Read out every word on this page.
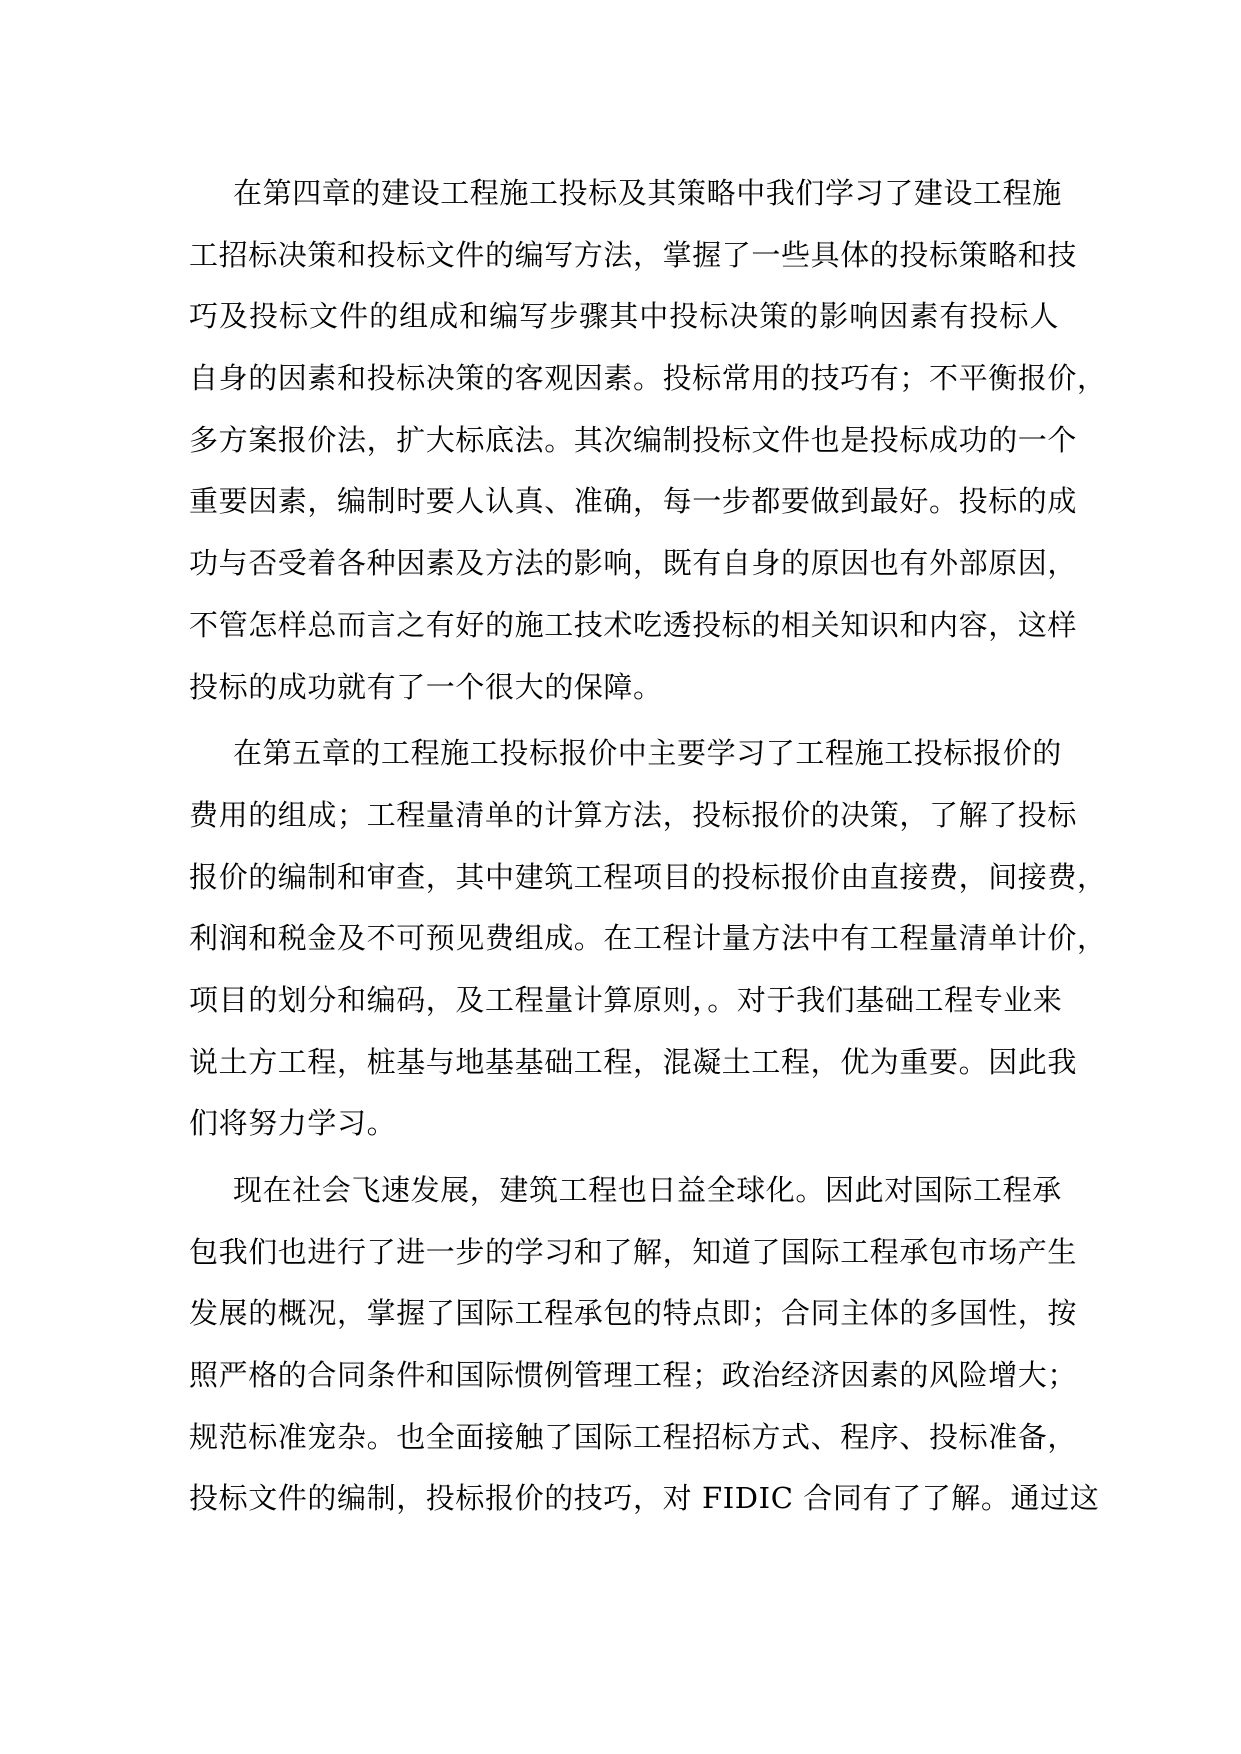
在第四章的建设工程施工投标及其策略中我们学习了建设工程施
工招标决策和投标文件的编写方法，掌握了一些具体的投标策略和技
巧及投标文件的组成和编写步骤其中投标决策的影响因素有投标人
自身的因素和投标决策的客观因素。投标常用的技巧有；不平衡报价，
多方案报价法，扩大标底法。其次编制投标文件也是投标成功的一个
重要因素，编制时要人认真、准确，每一步都要做到最好。投标的成
功与否受着各种因素及方法的影响，既有自身的原因也有外部原因，
不管怎样总而言之有好的施工技术吃透投标的相关知识和内容，这样
投标的成功就有了一个很大的保障。

在第五章的工程施工投标报价中主要学习了工程施工投标报价的
费用的组成；工程量清单的计算方法，投标报价的决策，了解了投标
报价的编制和审查，其中建筑工程项目的投标报价由直接费，间接费，
利润和税金及不可预见费组成。在工程计量方法中有工程量清单计价，
项目的划分和编码，及工程量计算原则，。对于我们基础工程专业来
说土方工程，桩基与地基基础工程，混凝土工程，优为重要。因此我
们将努力学习。

现在社会飞速发展，建筑工程也日益全球化。因此对国际工程承
包我们也进行了进一步的学习和了解，知道了国际工程承包市场产生
发展的概况，掌握了国际工程承包的特点即；合同主体的多国性，按
照严格的合同条件和国际惯例管理工程；政治经济因素的风险增大；
规范标准宠杂。也全面接触了国际工程招标方式、程序、投标准备，
投标文件的编制，投标报价的技巧，对 FIDIC 合同有了了解。通过这
